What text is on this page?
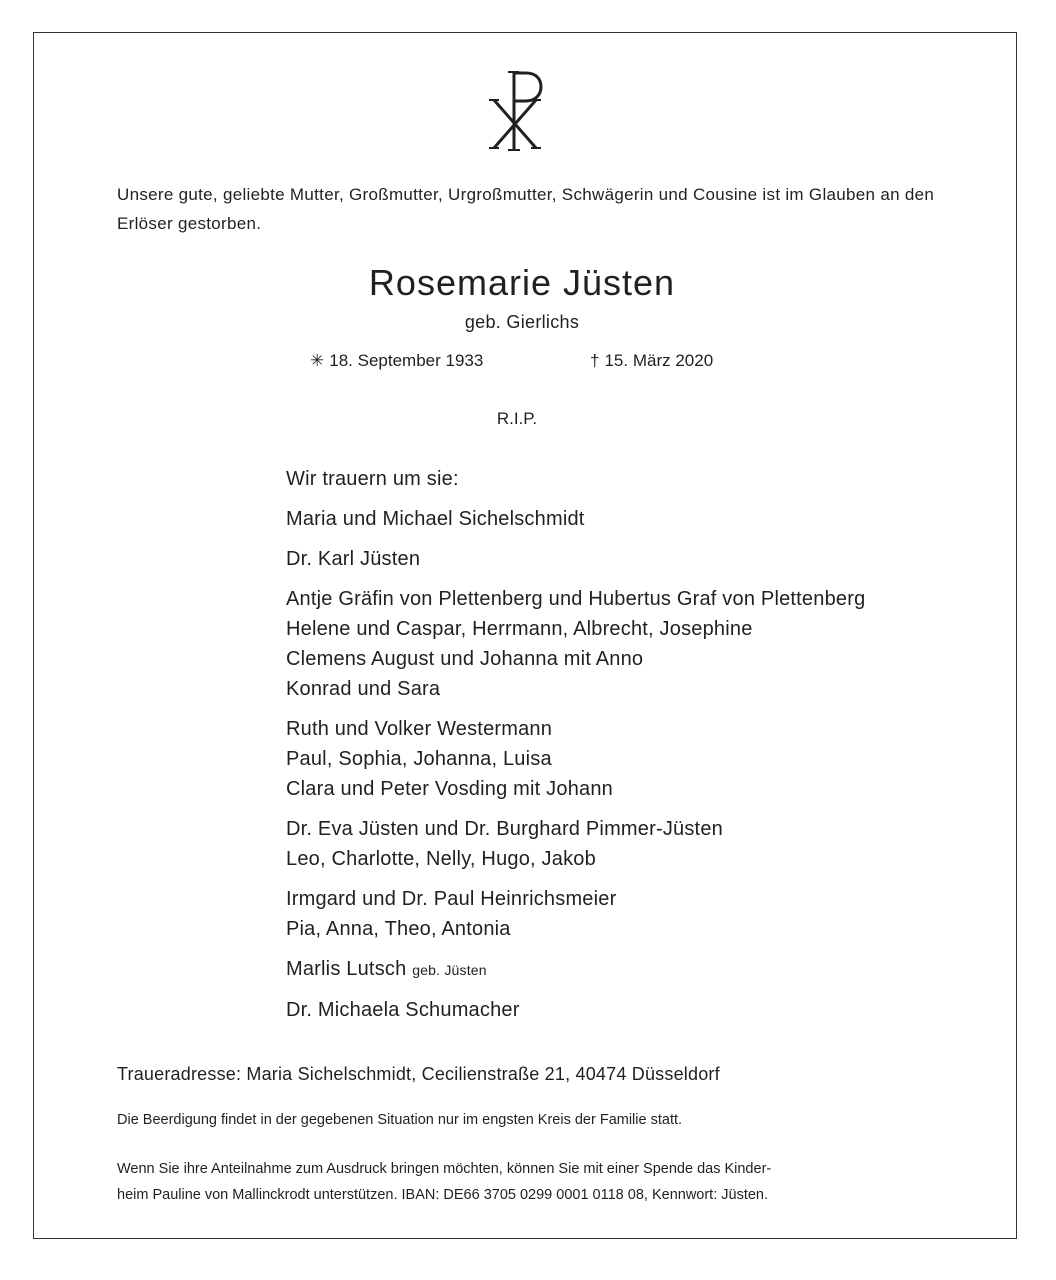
Unsere gute, geliebte Mutter, Großmutter, Urgroßmutter, Schwägerin und Cousine ist im Glauben an den Erlöser gestorben.
Rosemarie Jüsten
geb. Gierlichs
✳ 18. September 1933	† 15. März 2020
R.I.P.
Wir trauern um sie:
Maria und Michael Sichelschmidt
Dr. Karl Jüsten
Antje Gräfin von Plettenberg und Hubertus Graf von Plettenberg
Helene und Caspar, Herrmann, Albrecht, Josephine
Clemens August und Johanna mit Anno
Konrad und Sara
Ruth und Volker Westermann
Paul, Sophia, Johanna, Luisa
Clara und Peter Vosding mit Johann
Dr. Eva Jüsten und Dr. Burghard Pimmer-Jüsten
Leo, Charlotte, Nelly, Hugo, Jakob
Irmgard und Dr. Paul Heinrichsmeier
Pia, Anna, Theo, Antonia
Marlis Lutsch geb. Jüsten
Dr. Michaela Schumacher
Traueradresse: Maria Sichelschmidt, Cecilienstraße 21, 40474 Düsseldorf
Die Beerdigung findet in der gegebenen Situation nur im engsten Kreis der Familie statt.
Wenn Sie ihre Anteilnahme zum Ausdruck bringen möchten, können Sie mit einer Spende das Kinder-
heim Pauline von Mallinckrodt unterstützen. IBAN: DE66 3705 0299 0001 0118 08, Kennwort: Jüsten.
